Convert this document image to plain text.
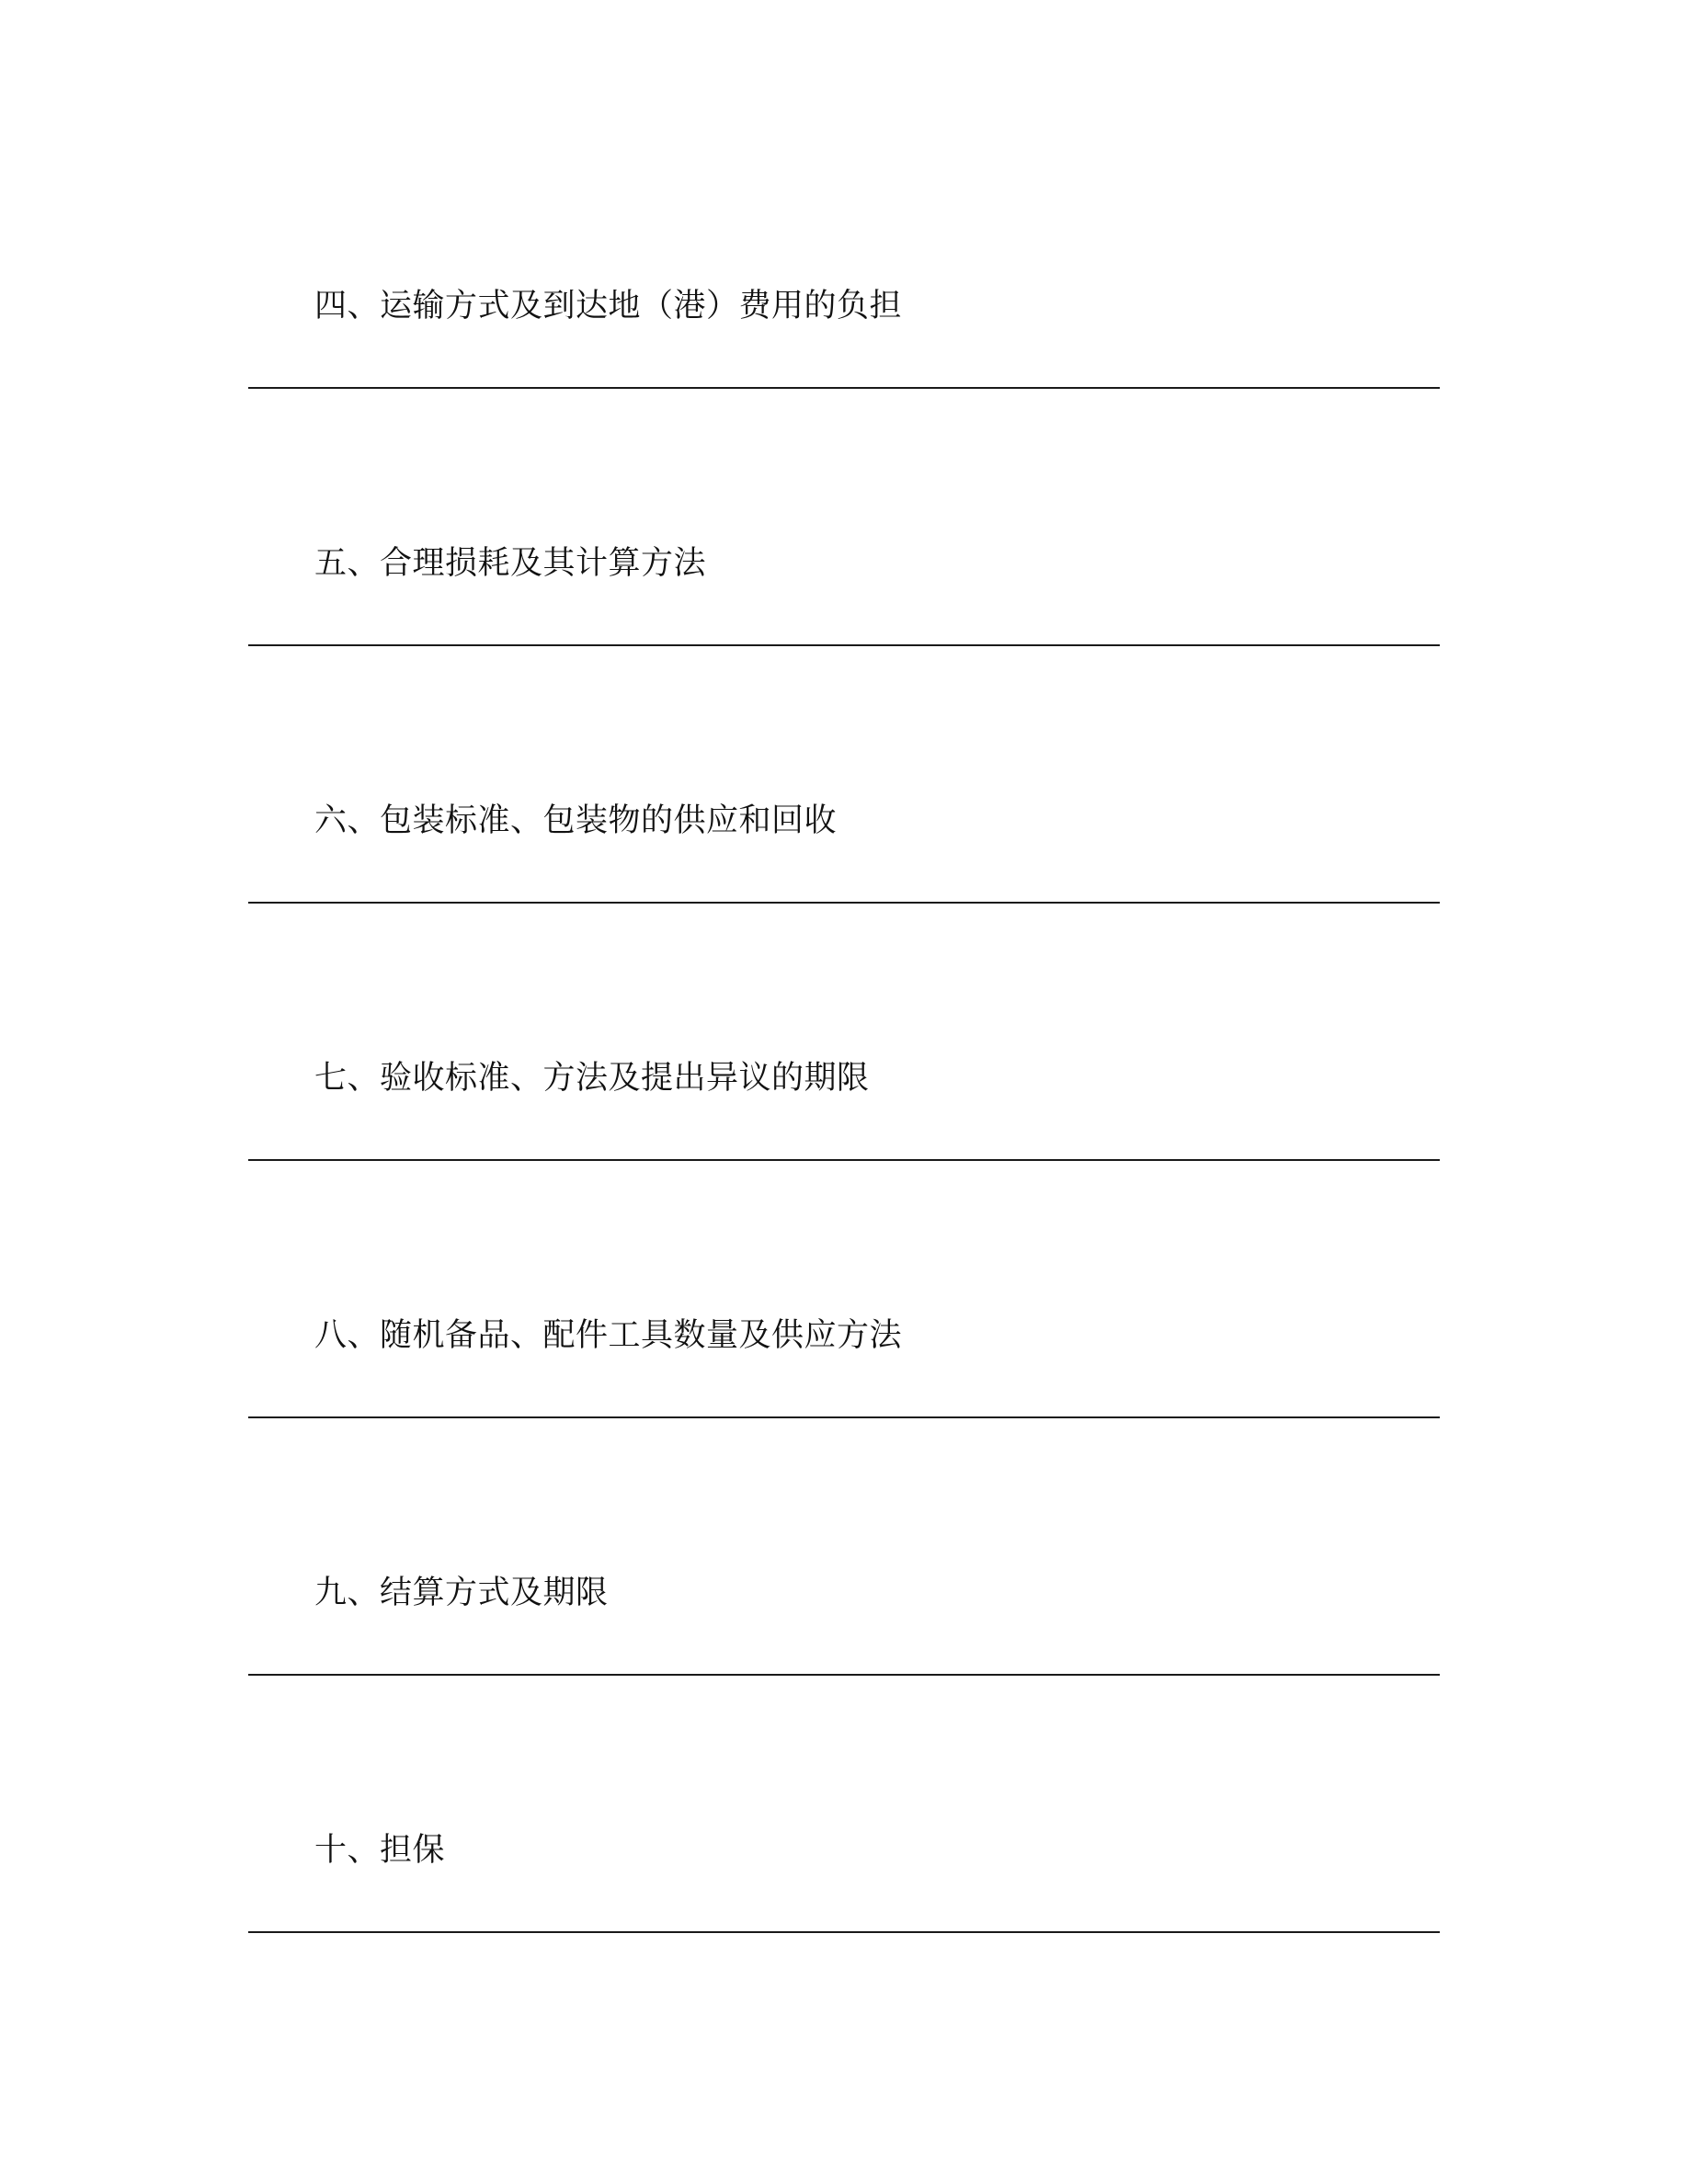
四、运输方式及到达地（港）费用的负担
五、合理损耗及其计算方法
六、包装标准、包装物的供应和回收
七、验收标准、方法及提出异议的期限
八、随机备品、配件工具数量及供应方法
九、结算方式及期限
十、担保
